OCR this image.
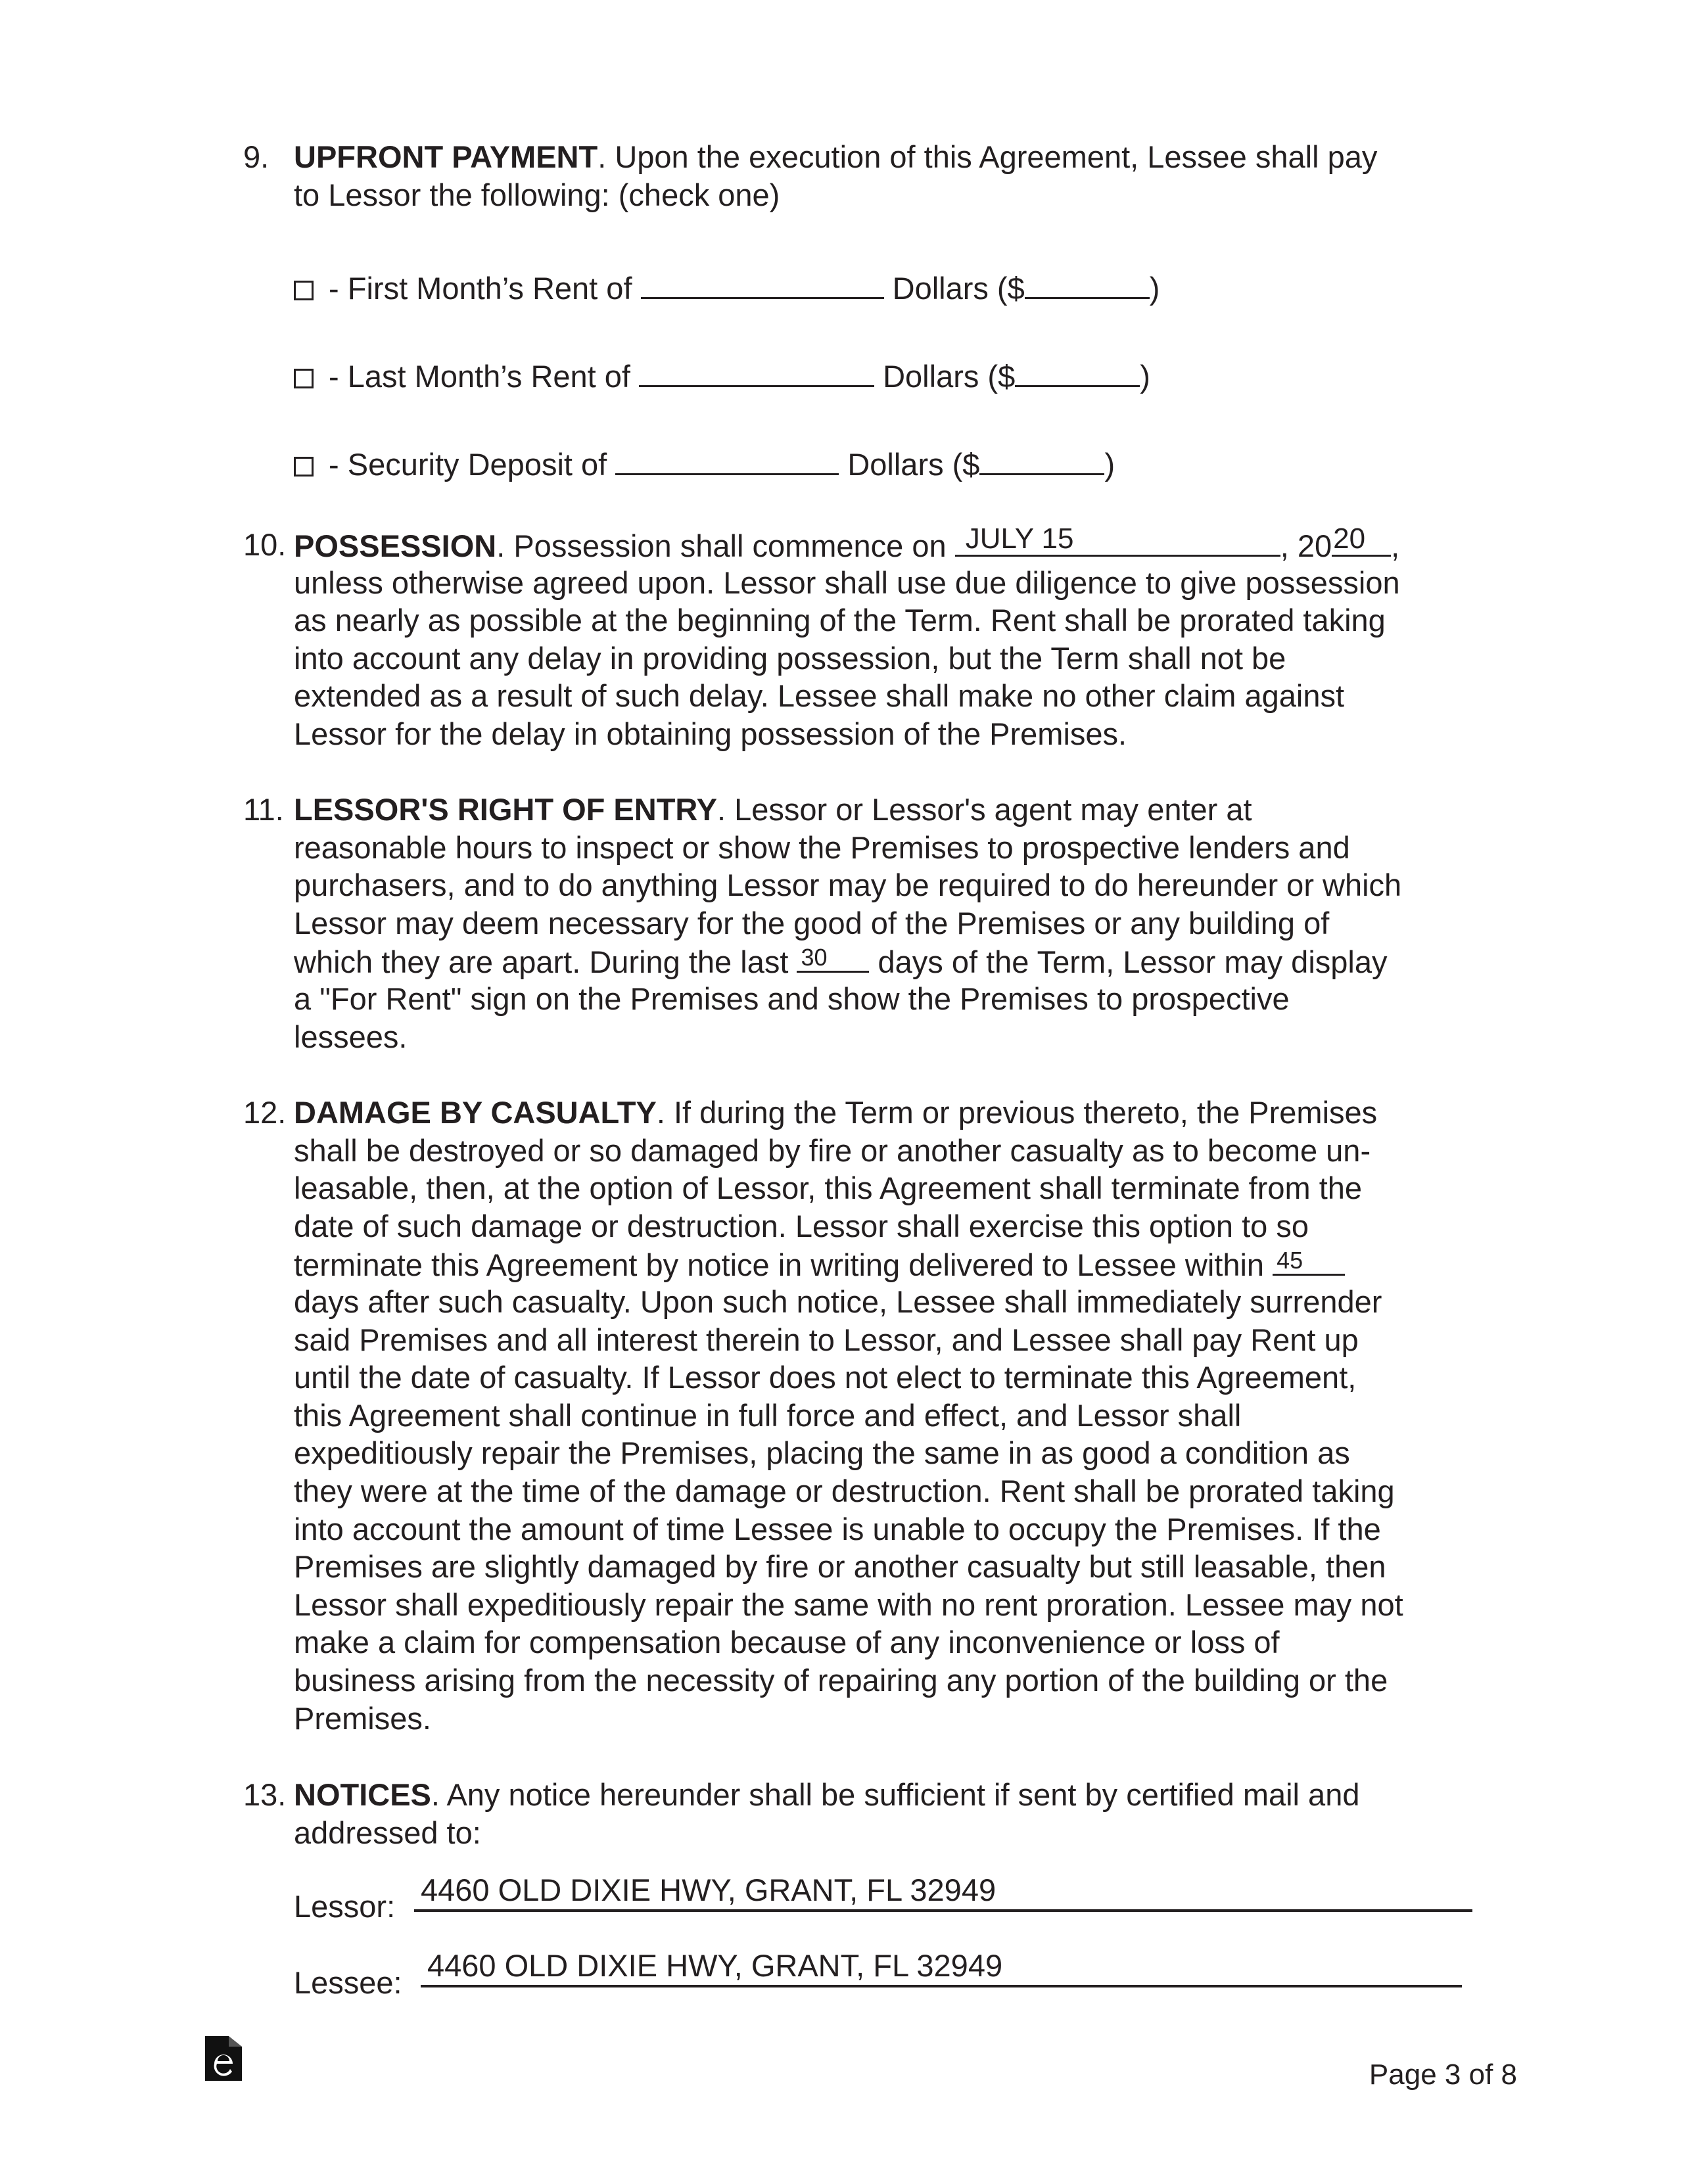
9. UPFRONT PAYMENT. Upon the execution of this Agreement, Lessee shall pay
to Lessor the following: (check one)
- First Month’s Rent of	Dollars ($	)
- Last Month’s Rent of	Dollars ($	)
- Security Deposit of	Dollars ($	)
10. POSSESSION. Possession shall commence on JULY 15	, 20 20 ,
unless otherwise agreed upon. Lessor shall use due diligence to give possession
as nearly as possible at the beginning of the Term. Rent shall be prorated taking
into account any delay in providing possession, but the Term shall not be
extended as a result of such delay. Lessee shall make no other claim against
Lessor for the delay in obtaining possession of the Premises.
11. LESSOR'S RIGHT OF ENTRY. Lessor or Lessor's agent may enter at
reasonable hours to inspect or show the Premises to prospective lenders and
purchasers, and to do anything Lessor may be required to do hereunder or which
Lessor may deem necessary for the good of the Premises or any building of
which they are apart. During the last 30	days of the Term, Lessor may display
a "For Rent" sign on the Premises and show the Premises to prospective
lessees.
12. DAMAGE BY CASUALTY. If during the Term or previous thereto, the Premises
shall be destroyed or so damaged by fire or another casualty as to become un-
leasable, then, at the option of Lessor, this Agreement shall terminate from the
date of such damage or destruction. Lessor shall exercise this option to so
terminate this Agreement by notice in writing delivered to Lessee within 45
days after such casualty. Upon such notice, Lessee shall immediately surrender
said Premises and all interest therein to Lessor, and Lessee shall pay Rent up
until the date of casualty. If Lessor does not elect to terminate this Agreement,
this Agreement shall continue in full force and effect, and Lessor shall
expeditiously repair the Premises, placing the same in as good a condition as
they were at the time of the damage or destruction. Rent shall be prorated taking
into account the amount of time Lessee is unable to occupy the Premises. If the
Premises are slightly damaged by fire or another casualty but still leasable, then
Lessor shall expeditiously repair the same with no rent proration. Lessee may not
make a claim for compensation because of any inconvenience or loss of
business arising from the necessity of repairing any portion of the building or the
Premises.
13. NOTICES. Any notice hereunder shall be sufficient if sent by certified mail and
addressed to:
Lessor: 4460 OLD DIXIE HWY, GRANT, FL 32949
Lessee: 4460 OLD DIXIE HWY, GRANT, FL 32949
Page 3 of 8
